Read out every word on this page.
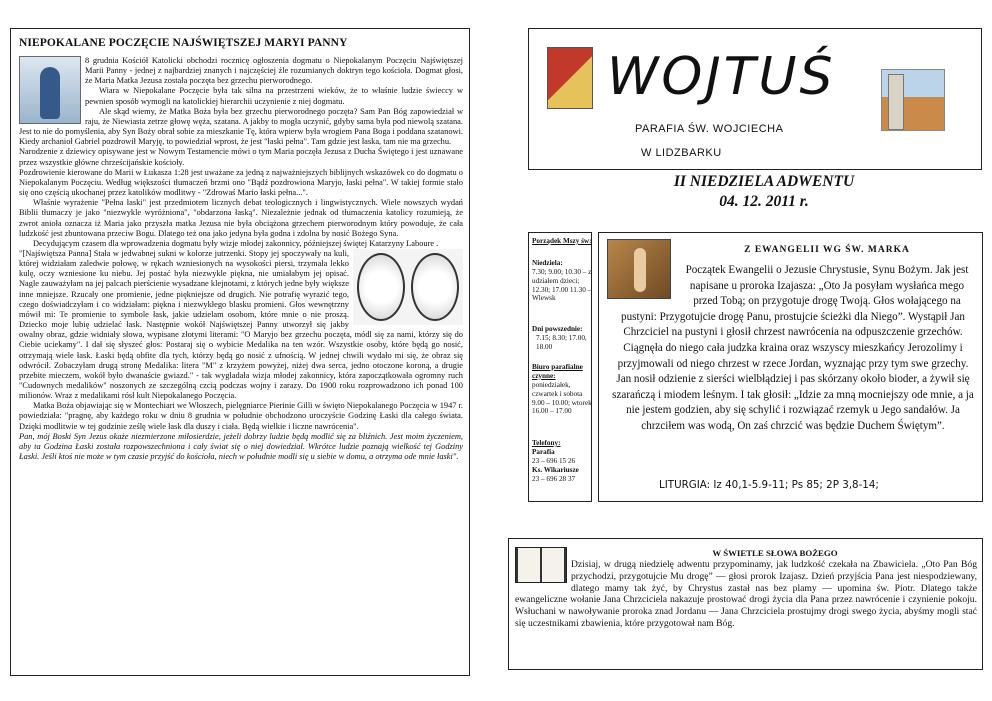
NIEPOKALANE POCZĘCIE NAJŚWIĘTSZEJ MARYI PANNY

8 grudnia Kościół Katolicki obchodzi rocznicę ogłoszenia dogmatu o Niepokalanym Poczęciu Najświętszej Marii Panny - jednej z najbardziej znanych i najczęściej źle rozumianych doktryn tego kościoła. Dogmat głosi, że Maria Matka Jezusa została poczęta bez grzechu pierworodnego.

Wiara w Niepokalane Poczęcie była tak silna na przestrzeni wieków, że to właśnie ludzie świeccy w pewnien sposób wymogli na katolickiej hierarchii uczynienie z niej dogmatu.

Ale skąd wiemy, że Matka Boża była bez grzechu pierworodnego poczęta? Sam Pan Bóg zapowiedział w raju, że Niewiasta zetrze głowę węża, szatana. A jakby to mogła uczynić, gdyby sama była pod niewolą szatana. Jest to nie do pomyślenia, aby Syn Boży obrał sobie za mieszkanie Tę, która wpierw była wrogiem Pana Boga i poddana szatanowi. Kiedy archanioł Gabriel pozdrowił Maryję, to powiedział wprost, że jest "łaski pełna". Tam gdzie jest łaska, tam nie ma grzechu.

Narodzenie z dziewicy opisywane jest w Nowym Testamencie mówi o tym Maria poczęła Jezusa z Ducha Świętego i jest uznawane przez wszystkie główne chrześcijańskie kościoły.

Pozdrowienie kierowane do Marii w Łukasza 1:28 jest uważane za jedną z najważniejszych biblijnych wskazówek co do dogmatu o Niepokalanym Poczęciu. Według większości tłumaczeń brzmi ono "Bądź pozdrowiona Maryjo, łaski pełna". W takiej formie stało się ono częścią ukochanej przez katolików modlitwy - "Zdrowaś Mario łaski pełna...".

Właśnie wyrażenie "Pełna łaski" jest przedmiotem licznych debat teologicznych i lingwistycznych. Wiele nowszych wydań Biblii tłumaczy je jako "niezwykle wyróżniona", "obdarzona łaską". Niezależnie jednak od tłumaczenia katolicy rozumieją, że zwrot anioła oznacza iż Maria jako przyszła matka Jezusa nie była obciążona grzechem pierworodnym który powoduje, że cała ludzkość jest zbuntowana przeciw Bogu. Dlatego też ona jako jedyna była godna i zdolna by nosić Bożego Syna.

Decydującym czasem dla wprowadzenia dogmatu były wizje młodej zakonnicy, późniejszej świętej Katarzyny Laboure .

"[Najświętsza Panna] Stała w jedwabnej sukni w kolorze jutrzenki. Stopy jej spoczywały na kuli, której widziałam zaledwie połowę, w rękach wzniesionych na wysokości piersi, trzymała lekko kulę, oczy wzniesione ku niebu. Jej postać była niezwykle piękna, nie umiałabym jej opisać. Nagle zauważyłam na jej palcach pierścienie wysadzane klejnotami, z których jedne były większe inne mniejsze. Rzucały one promienie, jedne piękniejsze od drugich. Nie potrafię wyrazić tego, czego doświadczyłam i co widziałam: piękna i niezwykłego blasku promieni. Głos wewnętrzny mówił mi: Te promienie to symbole łask, jakie udzielam osobom, które mnie o nie proszą. Dziecko moje lubię udzielać łask. Następnie wokół Najświętszej Panny utworzył się jakby owalny obraz, gdzie widniały słowa, wypisane złotymi literami: "O Maryjo bez grzechu poczęta, módl się za nami, którzy się do Ciebie uciekamy". I dał się słyszeć głos: Postaraj się o wybicie Medalika na ten wzór. Wszystkie osoby, które będą go nosić, otrzymają wiele łask. Łaski będą obfite dla tych, którzy będą go nosić z ufnością. W jednej chwili wydało mi się, że obraz się odwrócił. Zobaczyłam drugą stronę Medalika: litera "M" z krzyżem powyżej, niżej dwa serca, jedno otoczone koroną, a drugie przebite mieczem, wokół było dwanaście gwiazd." - tak wygladała wizja młodej zakonnicy, która zapoczątkowała ogromny ruch "Cudownych medalików" noszonych ze szczególną czcią podczas wojny i zarazy. Do 1900 roku rozprowadzono ich ponad 100 milionów. Wraz z medalikami rósł kult Niepokalanego Poczęcia.

Matka Boża objawiając się w Montechiari we Włoszech, pielęgniarce Pierinie Gilli w święto Niepokalanego Poczęcia w 1947 r. powiedziała: "pragnę, aby każdego roku w dniu 8 grudnia w południe obchodzono uroczyście Godzinę Łaski dla całego świata. Dzięki modlitwie w tej godzinie ześlę wiele łask dla duszy i ciała. Będą wielkie i liczne nawrócenia".

Pan, mój Boski Syn Jezus okaże niezmierzone miłosierdzie, jeżeli dobrzy ludzie będą modlić się za bliźnich. Jest moim życzeniem, aby ta Godzina Łaski została rozpowszechniona i cały świat się o niej dowiedział. Wkrótce ludzie poznają wielkość tej Godziny Łaski. Jeśli ktoś nie może w tym czasie przyjść do kościoła, niech w południe modli się u siebie w domu, a otrzyma ode mnie łaski".

WOJTUŚ
PARAFIA ŚW. WOJCIECHA
W LIDZBARKU
II NIEDZIELA ADWENTU
04. 12. 2011 r.
Porządek Mszy św:
Niedziela:
7.30; 9.00; 10.30 – z udziałem dzieci; 12.30; 17.00 11.30 – Wlewsk
Dni powszednie:
7.15; 8.30; 17.00, 18.00
Biuro parafialne czynne:
poniedziałek, czwartek i sobota 9.00 – 10.00; wtorek 16.00 – 17.00
Telefony:
Parafia
23 – 696 15 26
Ks. Wikariusze
23 – 696 28 37
Z EWANGELII WG ŚW. MARKA
Początek Ewangelii o Jezusie Chrystusie, Synu Bożym. Jak jest napisane u proroka Izajasza: „Oto Ja posyłam wysłańca mego przed Tobą; on przygotuje drogę Twoją. Głos wołającego na pustyni: Przygotujcie drogę Panu, prostujcie ścieżki dla Niego”. Wystąpił Jan Chrzciciel na pustyni i głosił chrzest nawrócenia na odpuszczenie grzechów. Ciągnęła do niego cała judzka kraina oraz wszyscy mieszkańcy Jerozolimy i przyjmowali od niego chrzest w rzece Jordan, wyznając przy tym swe grzechy. Jan nosił odzienie z sierści wielbłądziej i pas skórzany około bioder, a żywił się szarańczą i miodem leśnym. I tak głosił: „Idzie za mną mocniejszy ode mnie, a ja nie jestem godzien, aby się schylić i rozwiązać rzemyk u Jego sandałów. Ja chrzciłem was wodą, On zaś chrzcić was będzie Duchem Świętym”.
LITURGIA: Iz 40,1-5.9-11; Ps 85; 2P 3,8-14;
W ŚWIETLE SŁOWA BOŻEGO
Dzisiaj, w drugą niedzielę adwentu przypominamy, jak ludzkość czekała na Zbawiciela. „Oto Pan Bóg przychodzi, przygotujcie Mu drogę” — głosi prorok Izajasz. Dzień przyjścia Pana jest niespodziewany, dlatego mamy tak żyć, by Chrystus zastał nas bez plamy — upomina św. Piotr. Dlatego także ewangeliczne wołanie Jana Chrzciciela nakazuje prostować drogi życia dla Pana przez nawrócenie i czynienie pokoju. Wsłuchani w nawoływanie proroka znad Jordanu — Jana Chrzciciela prostujmy drogi swego życia, abyśmy mogli stać się uczestnikami zbawienia, które przygotował nam Bóg.
